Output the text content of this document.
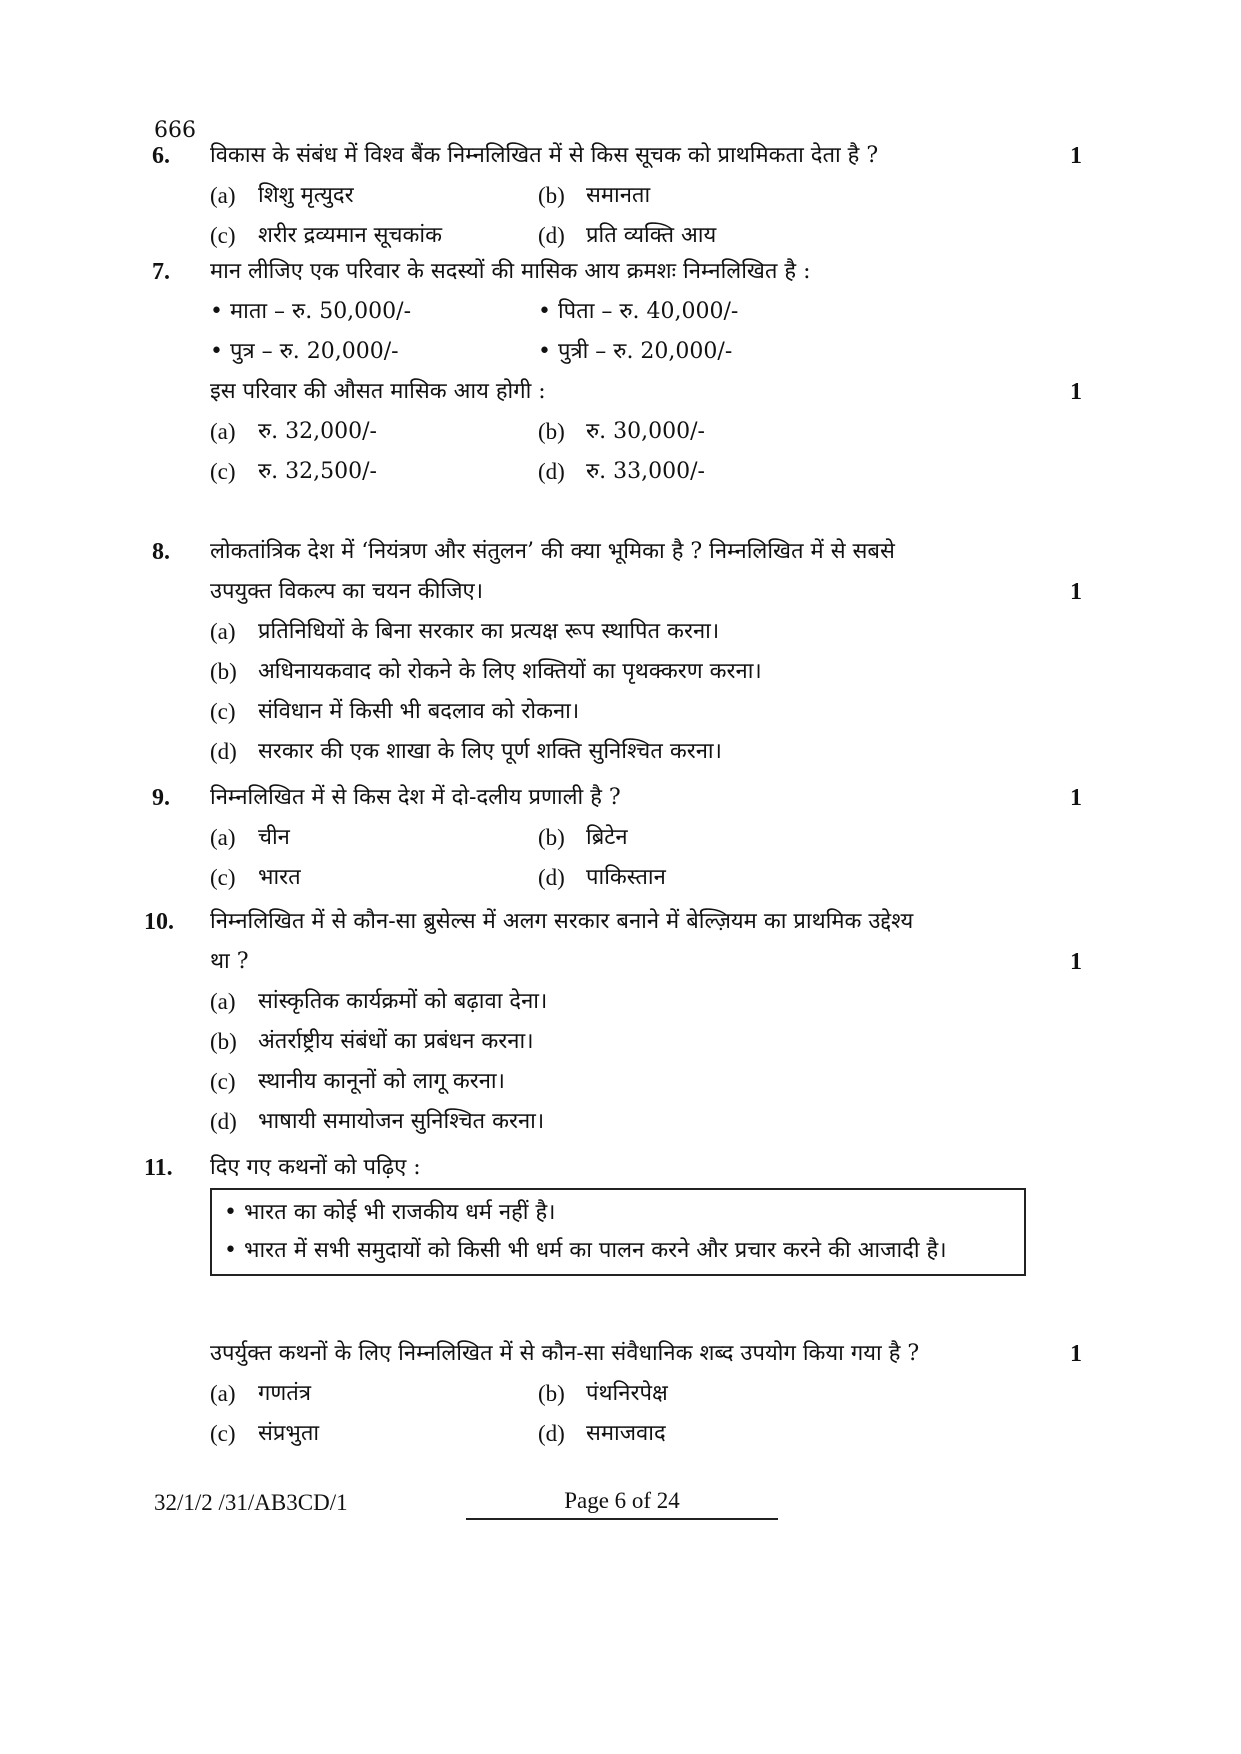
666
6. विकास के संबंध में विश्व बैंक निम्नलिखित में से किस सूचक को प्राथमिकता देता है ?	1
(a) शिशु मृत्युदर	(b) समानता
(c) शरीर द्रव्यमान सूचकांक	(d) प्रति व्यक्ति आय
7. मान लीजिए एक परिवार के सदस्यों की मासिक आय क्रमशः निम्नलिखित है :
• माता – रु. 50,000/-	• पिता – रु. 40,000/-
• पुत्र – रु. 20,000/-	• पुत्री – रु. 20,000/-
इस परिवार की औसत मासिक आय होगी :	1
(a) रु. 32,000/-	(b) रु. 30,000/-
(c) रु. 32,500/-	(d) रु. 33,000/-
8. लोकतांत्रिक देश में ‘नियंत्रण और संतुलन’ की क्या भूमिका है ? निम्नलिखित में से सबसे
उपयुक्त विकल्प का चयन कीजिए।	1
(a) प्रतिनिधियों के बिना सरकार का प्रत्यक्ष रूप स्थापित करना।
(b) अधिनायकवाद को रोकने के लिए शक्तियों का पृथक्करण करना।
(c) संविधान में किसी भी बदलाव को रोकना।
(d) सरकार की एक शाखा के लिए पूर्ण शक्ति सुनिश्चित करना।
9. निम्नलिखित में से किस देश में दो-दलीय प्रणाली है ?	1
(a) चीन	(b) ब्रिटेन
(c) भारत	(d) पाकिस्तान
10. निम्नलिखित में से कौन-सा ब्रुसेल्स में अलग सरकार बनाने में बेल्ज़ियम का प्राथमिक उद्देश्य
था ?	1
(a) सांस्कृतिक कार्यक्रमों को बढ़ावा देना।
(b) अंतर्राष्ट्रीय संबंधों का प्रबंधन करना।
(c) स्थानीय कानूनों को लागू करना।
(d) भाषायी समायोजन सुनिश्चित करना।
11. दिए गए कथनों को पढ़िए :
• भारत का कोई भी राजकीय धर्म नहीं है।
• भारत में सभी समुदायों को किसी भी धर्म का पालन करने और प्रचार करने की आजादी है।
उपर्युक्त कथनों के लिए निम्नलिखित में से कौन-सा संवैधानिक शब्द उपयोग किया गया है ?	1
(a) गणतंत्र	(b) पंथनिरपेक्ष
(c) संप्रभुता	(d) समाजवाद
32/1/2 /31/AB3CD/1	Page 6 of 24
